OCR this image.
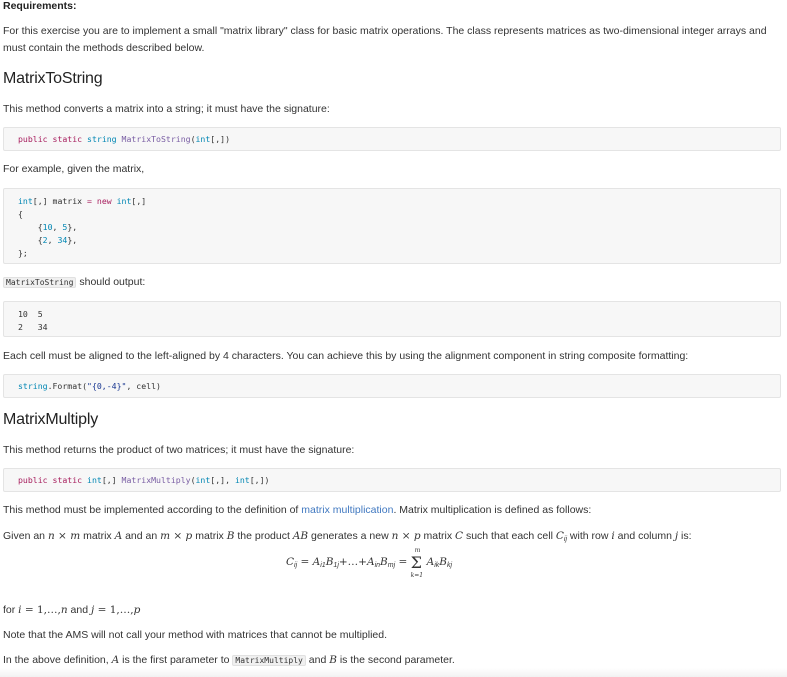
Requirements:
For this exercise you are to implement a small "matrix library" class for basic matrix operations. The class represents matrices as two-dimensional integer arrays and
must contain the methods described below.
MatrixToString
This method converts a matrix into a string; it must have the signature:
public static string MatrixToString(int[,])
For example, given the matrix,
int[,] matrix = new int[,]
{
{10, 5},
{2, 34},
};
MatrixToString should output:
10  5
2   34
Each cell must be aligned to the left-aligned by 4 characters. You can achieve this by using the alignment component in string composite formatting:
string.Format("{0,-4}", cell)
MatrixMultiply
This method returns the product of two matrices; it must have the signature:
public static int[,] MatrixMultiply(int[,], int[,])
This method must be implemented according to the definition of matrix multiplication. Matrix multiplication is defined as follows:
Given an n × m matrix A and an m × p matrix B the product AB generates a new n × p matrix C such that each cell $C_{ij}$ with row i and column j is:
$C_{ij}$ = $A_{i1}B_{1j}+\dots+A_{in}B_{mj} = \Sigma$
m
k=1
$A_{ik}B_{kj}$
for i = 1,…,n and j = 1,…,p
Note that the AMS will not call your method with matrices that cannot be multiplied.
In the above definition, A is the first parameter to MatrixMultiply and B is the second parameter.
